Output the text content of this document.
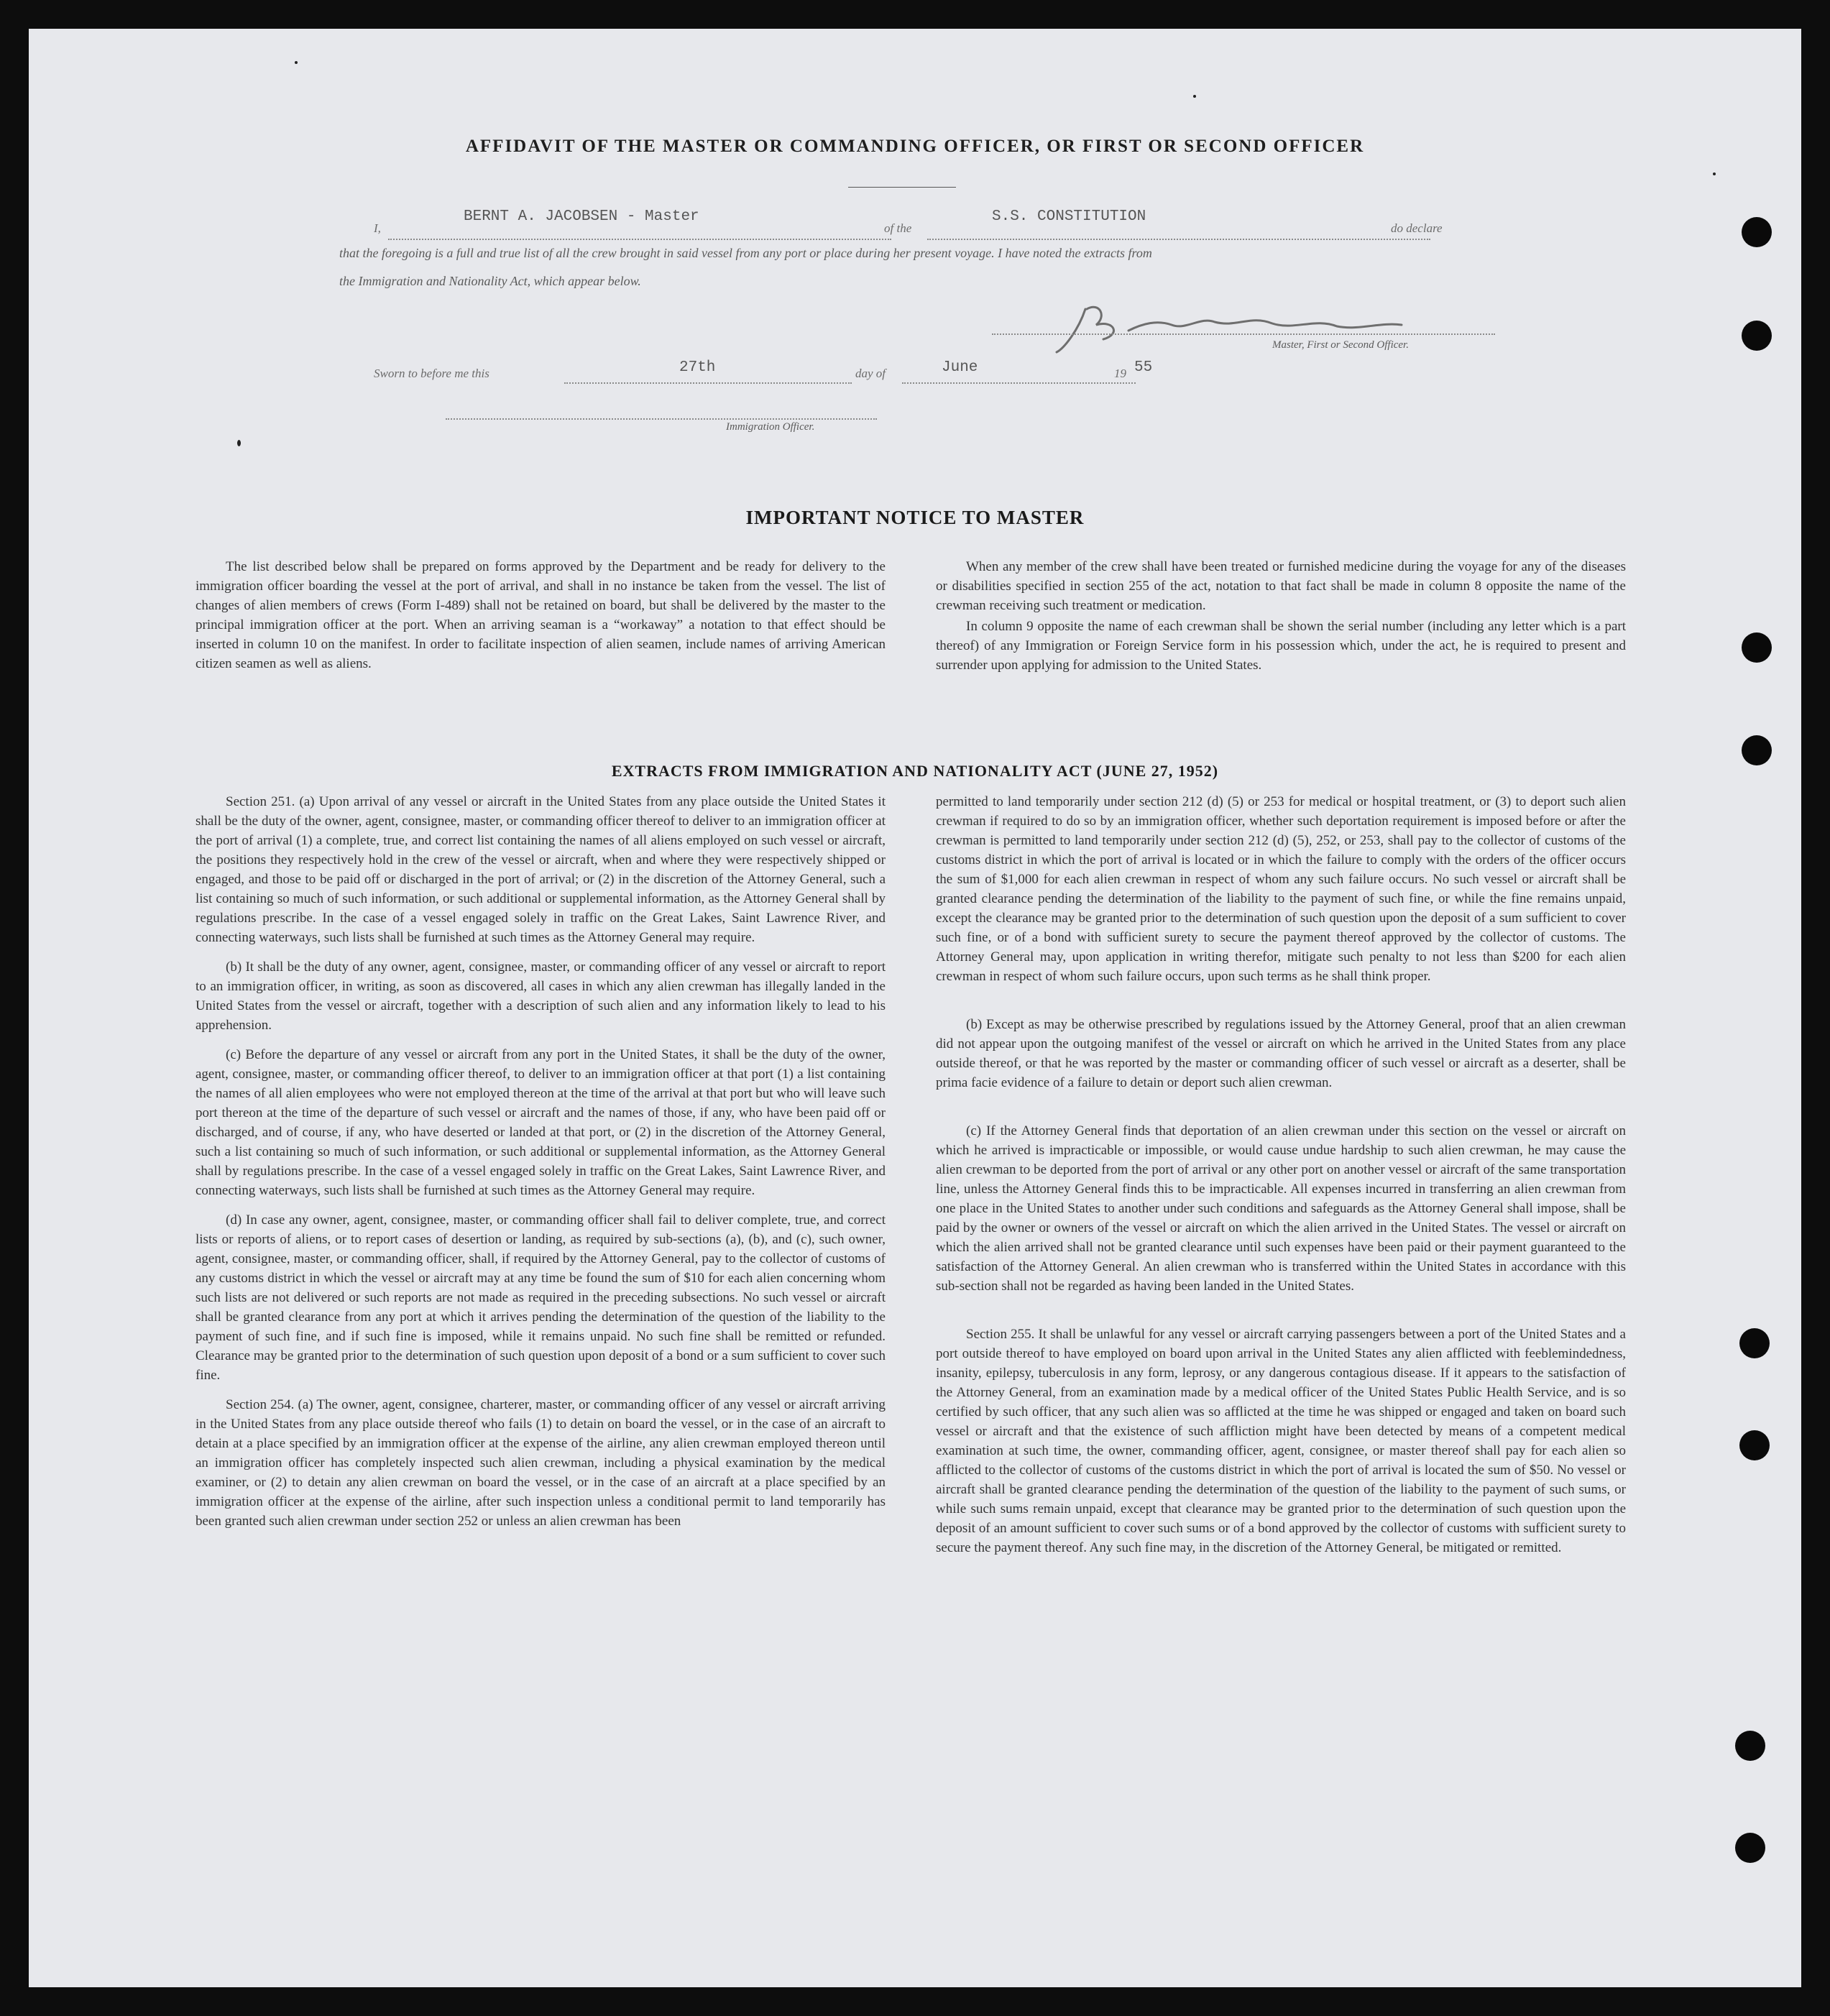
AFFIDAVIT OF THE MASTER OR COMMANDING OFFICER, OR FIRST OR SECOND OFFICER
I,
BERNT A. JACOBSEN - Master
of the
S.S. CONSTITUTION
do declare
that the foregoing is a full and true list of all the crew brought in said vessel from any port or place during her present voyage. I have noted the extracts from
the Immigration and Nationality Act, which appear below.
Master, First or Second Officer.
Sworn to before me this	27th	day of	June	19 55
Immigration Officer.
IMPORTANT NOTICE TO MASTER

The list described below shall be prepared on forms approved by the Department and be ready for delivery to the immigration officer boarding the vessel at the port of arrival, and shall in no instance be taken from the vessel. The list of changes of alien members of crews (Form I-489) shall not be retained on board, but shall be delivered by the master to the principal immigration officer at the port. When an arriving seaman is a “workaway” a notation to that effect should be inserted in column 10 on the manifest. In order to facilitate inspection of alien seamen, include names of arriving American citizen seamen as well as aliens.

When any member of the crew shall have been treated or furnished medicine during the voyage for any of the diseases or disabilities specified in section 255 of the act, notation to that fact shall be made in column 8 opposite the name of the crewman receiving such treatment or medication.

In column 9 opposite the name of each crewman shall be shown the serial number (including any letter which is a part thereof) of any Immigration or Foreign Service form in his possession which, under the act, he is required to present and surrender upon applying for admission to the United States.

EXTRACTS FROM IMMIGRATION AND NATIONALITY ACT (JUNE 27, 1952)

Section 251. (a) Upon arrival of any vessel or aircraft in the United States from any place outside the United States it shall be the duty of the owner, agent, consignee, master, or commanding officer thereof to deliver to an immigration officer at the port of arrival (1) a complete, true, and correct list containing the names of all aliens employed on such vessel or aircraft, the positions they respectively hold in the crew of the vessel or aircraft, when and where they were respectively shipped or engaged, and those to be paid off or discharged in the port of arrival; or (2) in the discretion of the Attorney General, such a list containing so much of such information, or such additional or supplemental information, as the Attorney General shall by regulations prescribe. In the case of a vessel engaged solely in traffic on the Great Lakes, Saint Lawrence River, and connecting waterways, such lists shall be furnished at such times as the Attorney General may require.

(b) It shall be the duty of any owner, agent, consignee, master, or commanding officer of any vessel or aircraft to report to an immigration officer, in writing, as soon as discovered, all cases in which any alien crewman has illegally landed in the United States from the vessel or aircraft, together with a description of such alien and any information likely to lead to his apprehension.

(c) Before the departure of any vessel or aircraft from any port in the United States, it shall be the duty of the owner, agent, consignee, master, or commanding officer thereof, to deliver to an immigration officer at that port (1) a list containing the names of all alien employees who were not employed thereon at the time of the arrival at that port but who will leave such port thereon at the time of the departure of such vessel or aircraft and the names of those, if any, who have been paid off or discharged, and of course, if any, who have deserted or landed at that port, or (2) in the discretion of the Attorney General, such a list containing so much of such information, or such additional or supplemental information, as the Attorney General shall by regulations prescribe. In the case of a vessel engaged solely in traffic on the Great Lakes, Saint Lawrence River, and connecting waterways, such lists shall be furnished at such times as the Attorney General may require.

(d) In case any owner, agent, consignee, master, or commanding officer shall fail to deliver complete, true, and correct lists or reports of aliens, or to report cases of desertion or landing, as required by sub-sections (a), (b), and (c), such owner, agent, consignee, master, or commanding officer, shall, if required by the Attorney General, pay to the collector of customs of any customs district in which the vessel or aircraft may at any time be found the sum of $10 for each alien concerning whom such lists are not delivered or such reports are not made as required in the preceding subsections. No such vessel or aircraft shall be granted clearance from any port at which it arrives pending the determination of the question of the liability to the payment of such fine, and if such fine is imposed, while it remains unpaid. No such fine shall be remitted or refunded. Clearance may be granted prior to the determination of such question upon deposit of a bond or a sum sufficient to cover such fine.

Section 254. (a) The owner, agent, consignee, charterer, master, or commanding officer of any vessel or aircraft arriving in the United States from any place outside thereof who fails (1) to detain on board the vessel, or in the case of an aircraft to detain at a place specified by an immigration officer at the expense of the airline, any alien crewman employed thereon until an immigration officer has completely inspected such alien crewman, including a physical examination by the medical examiner, or (2) to detain any alien crewman on board the vessel, or in the case of an aircraft at a place specified by an immigration officer at the expense of the airline, after such inspection unless a conditional permit to land temporarily has been granted such alien crewman under section 252 or unless an alien crewman has been

permitted to land temporarily under section 212 (d) (5) or 253 for medical or hospital treatment, or (3) to deport such alien crewman if required to do so by an immigration officer, whether such deportation requirement is imposed before or after the crewman is permitted to land temporarily under section 212 (d) (5), 252, or 253, shall pay to the collector of customs of the customs district in which the port of arrival is located or in which the failure to comply with the orders of the officer occurs the sum of $1,000 for each alien crewman in respect of whom any such failure occurs. No such vessel or aircraft shall be granted clearance pending the determination of the liability to the payment of such fine, or while the fine remains unpaid, except the clearance may be granted prior to the determination of such question upon the deposit of a sum sufficient to cover such fine, or of a bond with sufficient surety to secure the payment thereof approved by the collector of customs. The Attorney General may, upon application in writing therefor, mitigate such penalty to not less than $200 for each alien crewman in respect of whom such failure occurs, upon such terms as he shall think proper.

(b) Except as may be otherwise prescribed by regulations issued by the Attorney General, proof that an alien crewman did not appear upon the outgoing manifest of the vessel or aircraft on which he arrived in the United States from any place outside thereof, or that he was reported by the master or commanding officer of such vessel or aircraft as a deserter, shall be prima facie evidence of a failure to detain or deport such alien crewman.

(c) If the Attorney General finds that deportation of an alien crewman under this section on the vessel or aircraft on which he arrived is impracticable or impossible, or would cause undue hardship to such alien crewman, he may cause the alien crewman to be deported from the port of arrival or any other port on another vessel or aircraft of the same transportation line, unless the Attorney General finds this to be impracticable. All expenses incurred in transferring an alien crewman from one place in the United States to another under such conditions and safeguards as the Attorney General shall impose, shall be paid by the owner or owners of the vessel or aircraft on which the alien arrived in the United States. The vessel or aircraft on which the alien arrived shall not be granted clearance until such expenses have been paid or their payment guaranteed to the satisfaction of the Attorney General. An alien crewman who is transferred within the United States in accordance with this sub-section shall not be regarded as having been landed in the United States.

Section 255. It shall be unlawful for any vessel or aircraft carrying passengers between a port of the United States and a port outside thereof to have employed on board upon arrival in the United States any alien afflicted with feeblemindedness, insanity, epilepsy, tuberculosis in any form, leprosy, or any dangerous contagious disease. If it appears to the satisfaction of the Attorney General, from an examination made by a medical officer of the United States Public Health Service, and is so certified by such officer, that any such alien was so afflicted at the time he was shipped or engaged and taken on board such vessel or aircraft and that the existence of such affliction might have been detected by means of a competent medical examination at such time, the owner, commanding officer, agent, consignee, or master thereof shall pay for each alien so afflicted to the collector of customs of the customs district in which the port of arrival is located the sum of $50. No vessel or aircraft shall be granted clearance pending the determination of the question of the liability to the payment of such sums, or while such sums remain unpaid, except that clearance may be granted prior to the determination of such question upon the deposit of an amount sufficient to cover such sums or of a bond approved by the collector of customs with sufficient surety to secure the payment thereof. Any such fine may, in the discretion of the Attorney General, be mitigated or remitted.
